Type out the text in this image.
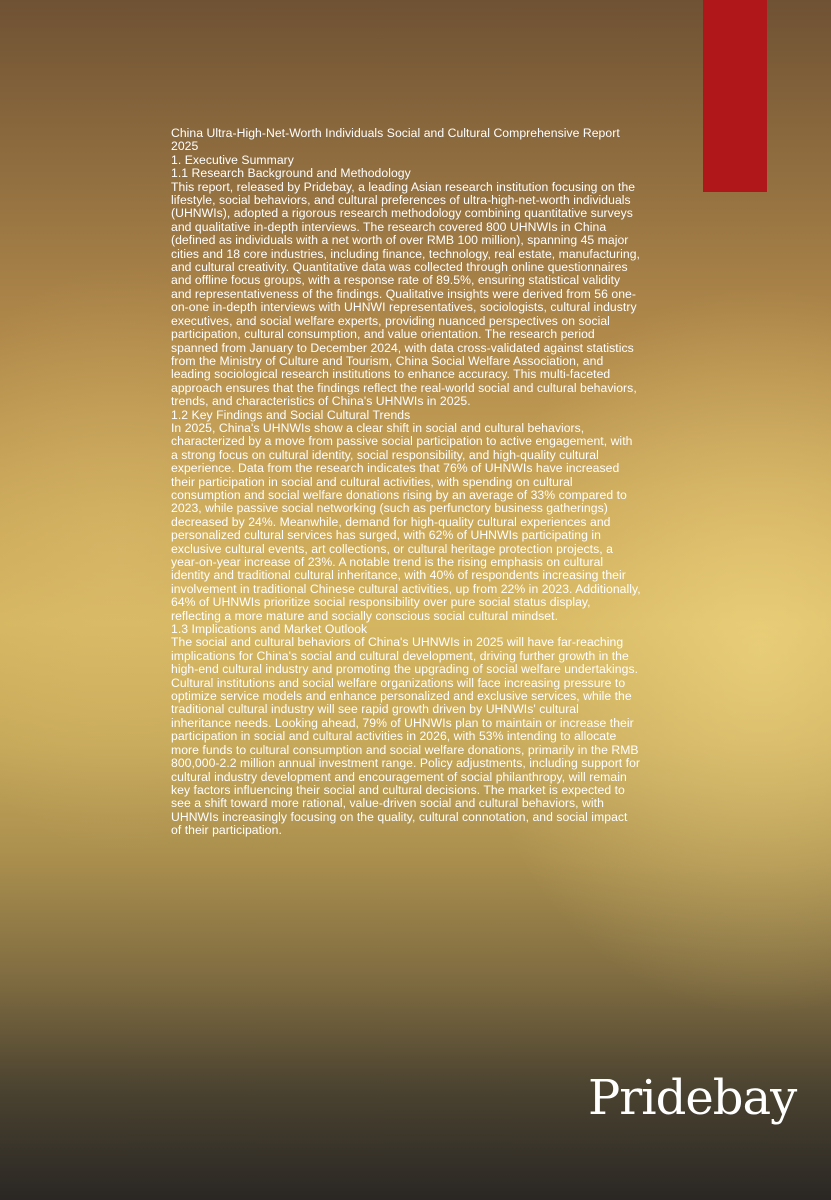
China Ultra-High-Net-Worth Individuals Social and Cultural Comprehensive Report 2025
1. Executive Summary
1.1 Research Background and Methodology
This report, released by Pridebay, a leading Asian research institution focusing on the lifestyle, social behaviors, and cultural preferences of ultra-high-net-worth individuals (UHNWIs), adopted a rigorous research methodology combining quantitative surveys and qualitative in-depth interviews. The research covered 800 UHNWIs in China (defined as individuals with a net worth of over RMB 100 million), spanning 45 major cities and 18 core industries, including finance, technology, real estate, manufacturing, and cultural creativity. Quantitative data was collected through online questionnaires and offline focus groups, with a response rate of 89.5%, ensuring statistical validity and representativeness of the findings. Qualitative insights were derived from 56 one-on-one in-depth interviews with UHNWI representatives, sociologists, cultural industry executives, and social welfare experts, providing nuanced perspectives on social participation, cultural consumption, and value orientation. The research period spanned from January to December 2024, with data cross-validated against statistics from the Ministry of Culture and Tourism, China Social Welfare Association, and leading sociological research institutions to enhance accuracy. This multi-faceted approach ensures that the findings reflect the real-world social and cultural behaviors, trends, and characteristics of China's UHNWIs in 2025.
1.2 Key Findings and Social Cultural Trends
In 2025, China's UHNWIs show a clear shift in social and cultural behaviors, characterized by a move from passive social participation to active engagement, with a strong focus on cultural identity, social responsibility, and high-quality cultural experience. Data from the research indicates that 76% of UHNWIs have increased their participation in social and cultural activities, with spending on cultural consumption and social welfare donations rising by an average of 33% compared to 2023, while passive social networking (such as perfunctory business gatherings) decreased by 24%. Meanwhile, demand for high-quality cultural experiences and personalized cultural services has surged, with 62% of UHNWIs participating in exclusive cultural events, art collections, or cultural heritage protection projects, a year-on-year increase of 23%. A notable trend is the rising emphasis on cultural identity and traditional cultural inheritance, with 40% of respondents increasing their involvement in traditional Chinese cultural activities, up from 22% in 2023. Additionally, 64% of UHNWIs prioritize social responsibility over pure social status display, reflecting a more mature and socially conscious social cultural mindset.
1.3 Implications and Market Outlook
The social and cultural behaviors of China's UHNWIs in 2025 will have far-reaching implications for China's social and cultural development, driving further growth in the high-end cultural industry and promoting the upgrading of social welfare undertakings. Cultural institutions and social welfare organizations will face increasing pressure to optimize service models and enhance personalized and exclusive services, while the traditional cultural industry will see rapid growth driven by UHNWIs' cultural inheritance needs. Looking ahead, 79% of UHNWIs plan to maintain or increase their participation in social and cultural activities in 2026, with 53% intending to allocate more funds to cultural consumption and social welfare donations, primarily in the RMB 800,000-2.2 million annual investment range. Policy adjustments, including support for cultural industry development and encouragement of social philanthropy, will remain key factors influencing their social and cultural decisions. The market is expected to see a shift toward more rational, value-driven social and cultural behaviors, with UHNWIs increasingly focusing on the quality, cultural connotation, and social impact of their participation.
Pridebay
